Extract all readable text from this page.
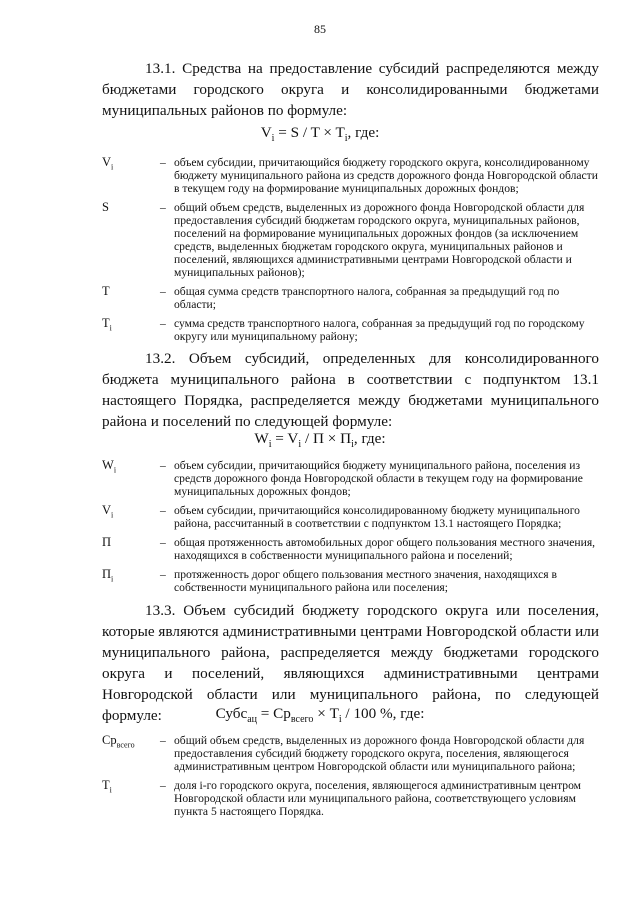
85

13.1. Средства на предоставление субсидий распределяются между бюджетами городского округа и консолидированными бюджетами муниципальных районов по формуле:

$V_i = S / T \times T_i$, где:
$V_i$	– объем субсидии, причитающийся бюджету городского округа, консолидированному бюджету муниципального района из средств дорожного фонда Новгородской области в текущем году на формирование муниципальных дорожных фондов;
S	– общий объем средств, выделенных из дорожного фонда Новгородской области для предоставления субсидий бюджетам городского округа, муниципальных районов, поселений на формирование муниципальных дорожных фондов (за исключением средств, выделенных бюджетам городского округа, муниципальных районов и поселений, являющихся административными центрами Новгородской области и муниципальных районов);
T	– общая сумма средств транспортного налога, собранная за предыдущий год по области;
$T_i$	– сумма средств транспортного налога, собранная за предыдущий год по городскому округу или муниципальному району;

13.2. Объем субсидий, определенных для консолидированного бюджета муниципального района в соответствии с подпунктом 13.1 настоящего Порядка, распределяется между бюджетами муниципального района и поселений по следующей формуле:

$W_i = V_i / П \times П_i$, где:
$W_i$	– объем субсидии, причитающийся бюджету муниципального района, поселения из средств дорожного фонда Новгородской области в текущем году на формирование муниципальных дорожных фондов;
$V_i$	– объем субсидии, причитающийся консолидированному бюджету муниципального района, рассчитанный в соответствии с подпунктом 13.1 настоящего Порядка;
П	– общая протяженность автомобильных дорог общего пользования местного значения, находящихся в собственности муниципального района и поселений;
$П_i$	– протяженность дорог общего пользования местного значения, находящихся в собственности муниципального района или поселения;

13.3. Объем субсидий бюджету городского округа или поселения, которые являются административными центрами Новгородской области или муниципального района, распределяется между бюджетами городского округа и поселений, являющихся административными центрами Новгородской области или муниципального района, по следующей формуле:	Субс$_{ац}$ = $Ср_{всего} \times T_i / 100$ %, где:
$Ср_{всего}$	– общий объем средств, выделенных из дорожного фонда Новгородской области для предоставления субсидий бюджету городского округа, поселения, являющегося административным центром Новгородской области или муниципального района;
$T_i$	– доля i-го городского округа, поселения, являющегося административным центром Новгородской области или муниципального района, соответствующего условиям пункта 5 настоящего Порядка.
